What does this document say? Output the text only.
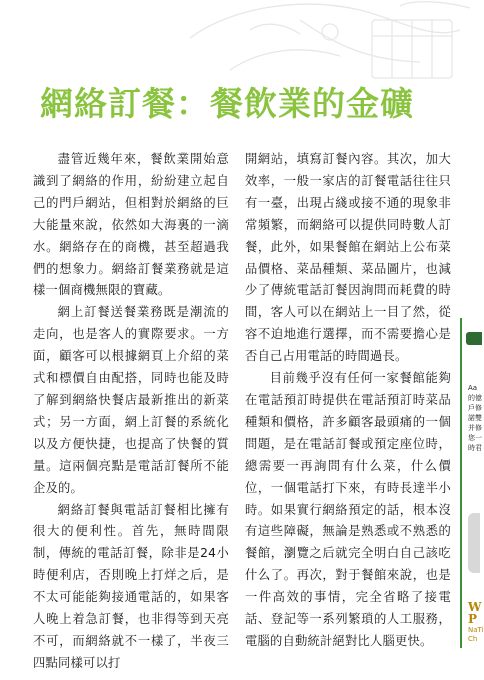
網絡訂餐：餐飲業的金礦

盡管近幾年來，餐飲業開始意識到了網絡的作用，紛紛建立起自己的門戶網站，但相對於網絡的巨大能量來說，依然如大海裏的一滴水。網絡存在的商機，甚至超過我們的想象力。網絡訂餐業務就是這樣一個商機無限的寶藏。

網上訂餐送餐業務既是潮流的走向，也是客人的實際要求。一方面，顧客可以根據網頁上介紹的菜式和標價自由配搭，同時也能及時了解到網絡快餐店最新推出的新菜式；另一方面，網上訂餐的系統化以及方便快捷，也提高了快餐的質量。這兩個亮點是電話訂餐所不能企及的。

網絡訂餐與電話訂餐相比擁有很大的便利性。首先，無時間限制，傳統的電話訂餐，除非是24小時便利店，否則晚上打烊之后，是不太可能能夠接通電話的，如果客人晚上着急訂餐，也非得等到天亮不可，而網絡就不一樣了，半夜三四點同樣可以打

開網站，填寫訂餐內容。其次，加大效率，一般一家店的訂餐電話往往只有一臺，出現占綫或接不通的現象非常頻繁，而網絡可以提供同時數人訂餐，此外，如果餐館在網站上公布菜品價格、菜品種類、菜品圖片，也減少了傳統電話訂餐因詢問而耗費的時間，客人可以在網站上一目了然，從容不迫地進行選擇，而不需要擔心是否自己占用電話的時間過長。

目前幾乎沒有任何一家餐館能夠在電話預訂時提供在電話預訂時菜品種類和價格，許多顧客最頭痛的一個問題，是在電話訂餐或預定座位時，總需要一再詢問有什么菜，什么價位，一個電話打下來，有時長達半小時。如果實行網絡預定的話，根本沒有這些障礙，無論是熟悉或不熟悉的餐館，瀏覽之后就完全明白自己該吃什么了。再次，對于餐館來說，也是一件高效的事情，完全省略了接電話、登記等一系列繁瑣的人工服務，電腦的自動統計絕對比人腦更快。

Aa
的億
戶修
諾雙
并修
您一
時君
W
P
NaTi
Ch
